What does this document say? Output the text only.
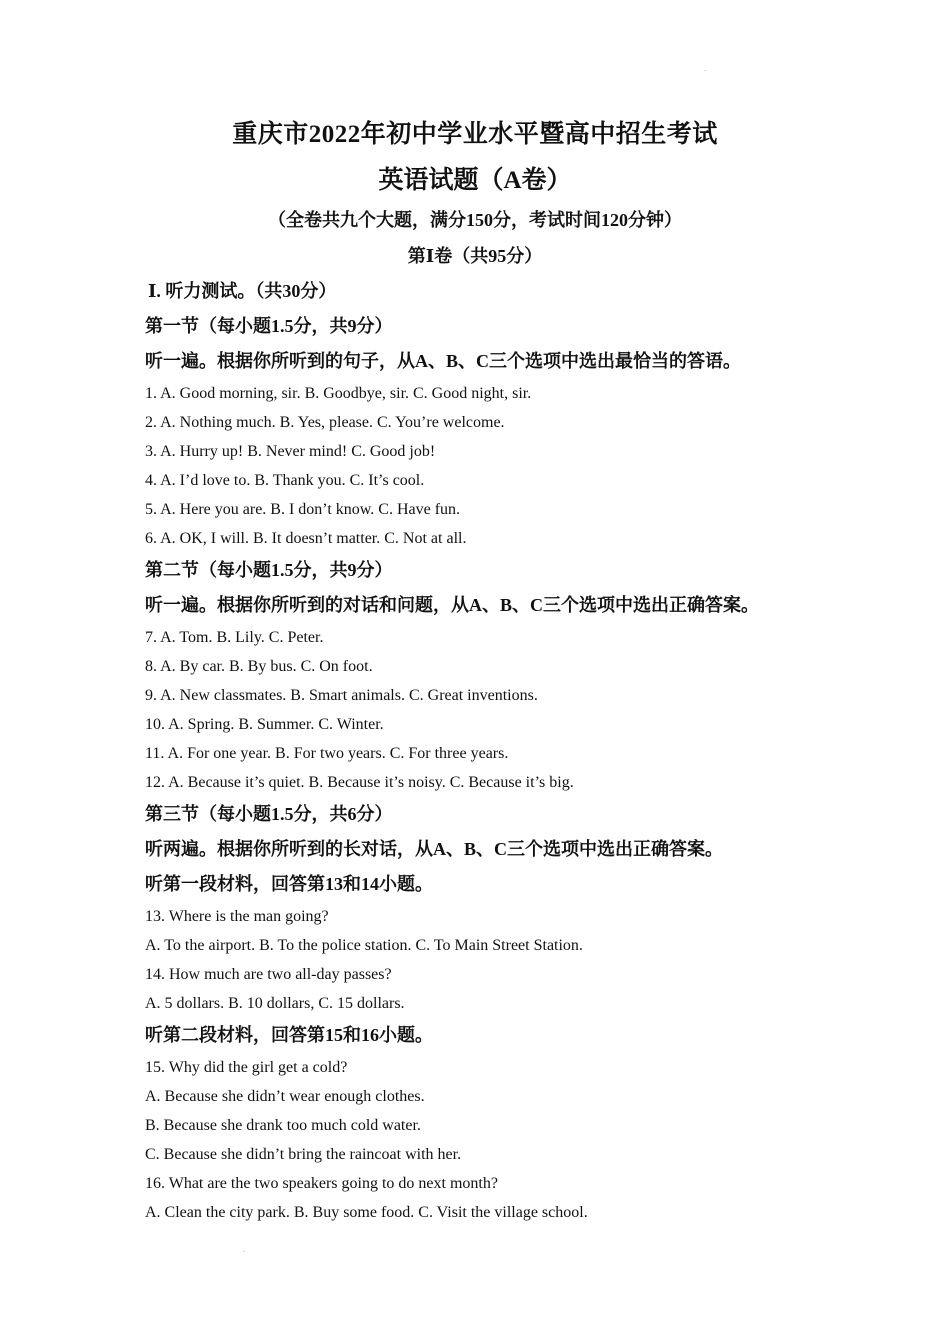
重庆市2022年初中学业水平暨高中招生考试
英语试题（A卷）
（全卷共九个大题，满分150分，考试时间120分钟）
第Ⅰ卷（共95分）
Ⅰ. 听力测试。（共30分）
第一节（每小题1.5分，共9分）
听一遍。根据你所听到的句子，从A、B、C三个选项中选出最恰当的答语。
1. A. Good morning, sir. B. Goodbye, sir. C. Good night, sir.
2. A. Nothing much. B. Yes, please. C. You’re welcome.
3. A. Hurry up! B. Never mind! C. Good job!
4. A. I’d love to. B. Thank you. C. It’s cool.
5. A. Here you are. B. I don’t know. C. Have fun.
6. A. OK, I will. B. It doesn’t matter. C. Not at all.
第二节（每小题1.5分，共9分）
听一遍。根据你所听到的对话和问题，从A、B、C三个选项中选出正确答案。
7. A. Tom. B. Lily. C. Peter.
8. A. By car. B. By bus. C. On foot.
9. A. New classmates. B. Smart animals. C. Great inventions.
10. A. Spring. B. Summer. C. Winter.
11. A. For one year. B. For two years. C. For three years.
12. A. Because it’s quiet. B. Because it’s noisy. C. Because it’s big.
第三节（每小题1.5分，共6分）
听两遍。根据你所听到的长对话，从A、B、C三个选项中选出正确答案。
听第一段材料，回答第13和14小题。
13. Where is the man going?
A. To the airport. B. To the police station. C. To Main Street Station.
14. How much are two all-day passes?
A. 5 dollars. B. 10 dollars, C. 15 dollars.
听第二段材料，回答第15和16小题。
15. Why did the girl get a cold?
A. Because she didn’t wear enough clothes.
B. Because she drank too much cold water.
C. Because she didn’t bring the raincoat with her.
16. What are the two speakers going to do next month?
A. Clean the city park. B. Buy some food. C. Visit the village school.
